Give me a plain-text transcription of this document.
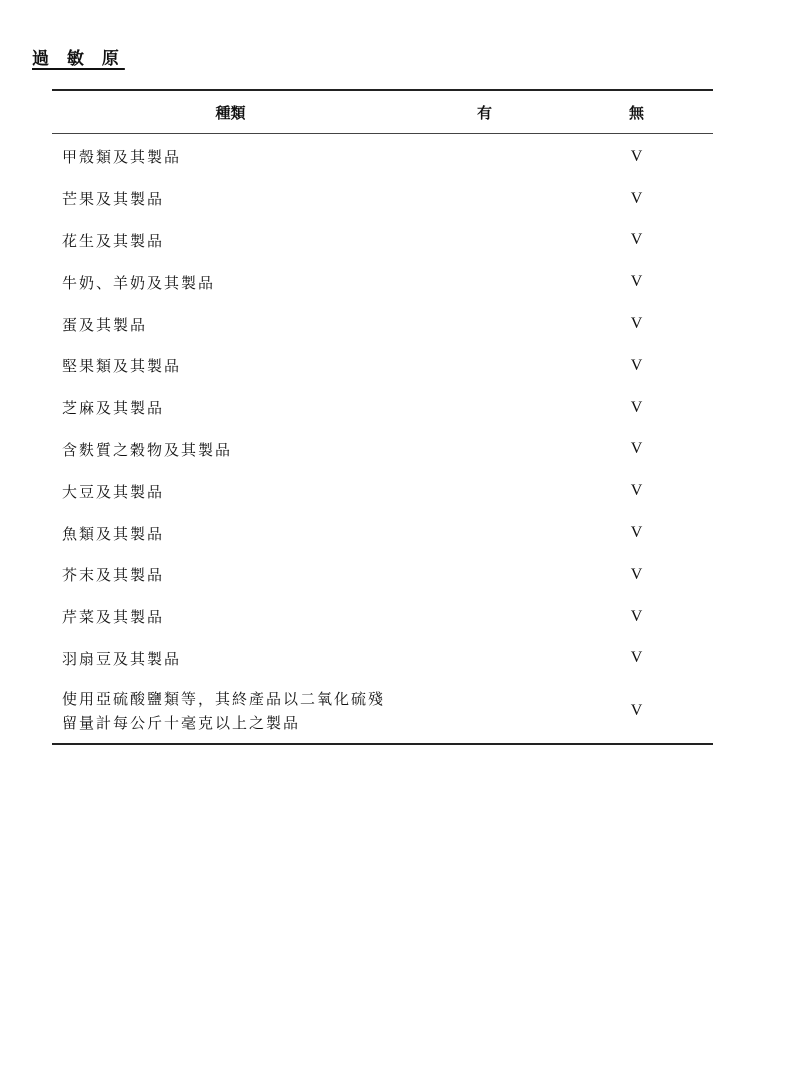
過 敏 原
種類	有	無
甲殼類及其製品		V
芒果及其製品		V
花生及其製品		V
牛奶、羊奶及其製品		V
蛋及其製品		V
堅果類及其製品		V
芝麻及其製品		V
含麩質之穀物及其製品		V
大豆及其製品		V
魚類及其製品		V
芥末及其製品		V
芹菜及其製品		V
羽扇豆及其製品		V

使用亞硫酸鹽類等，其終產品以二氧化硫殘
留量計每公斤十毫克以上之製品		V
